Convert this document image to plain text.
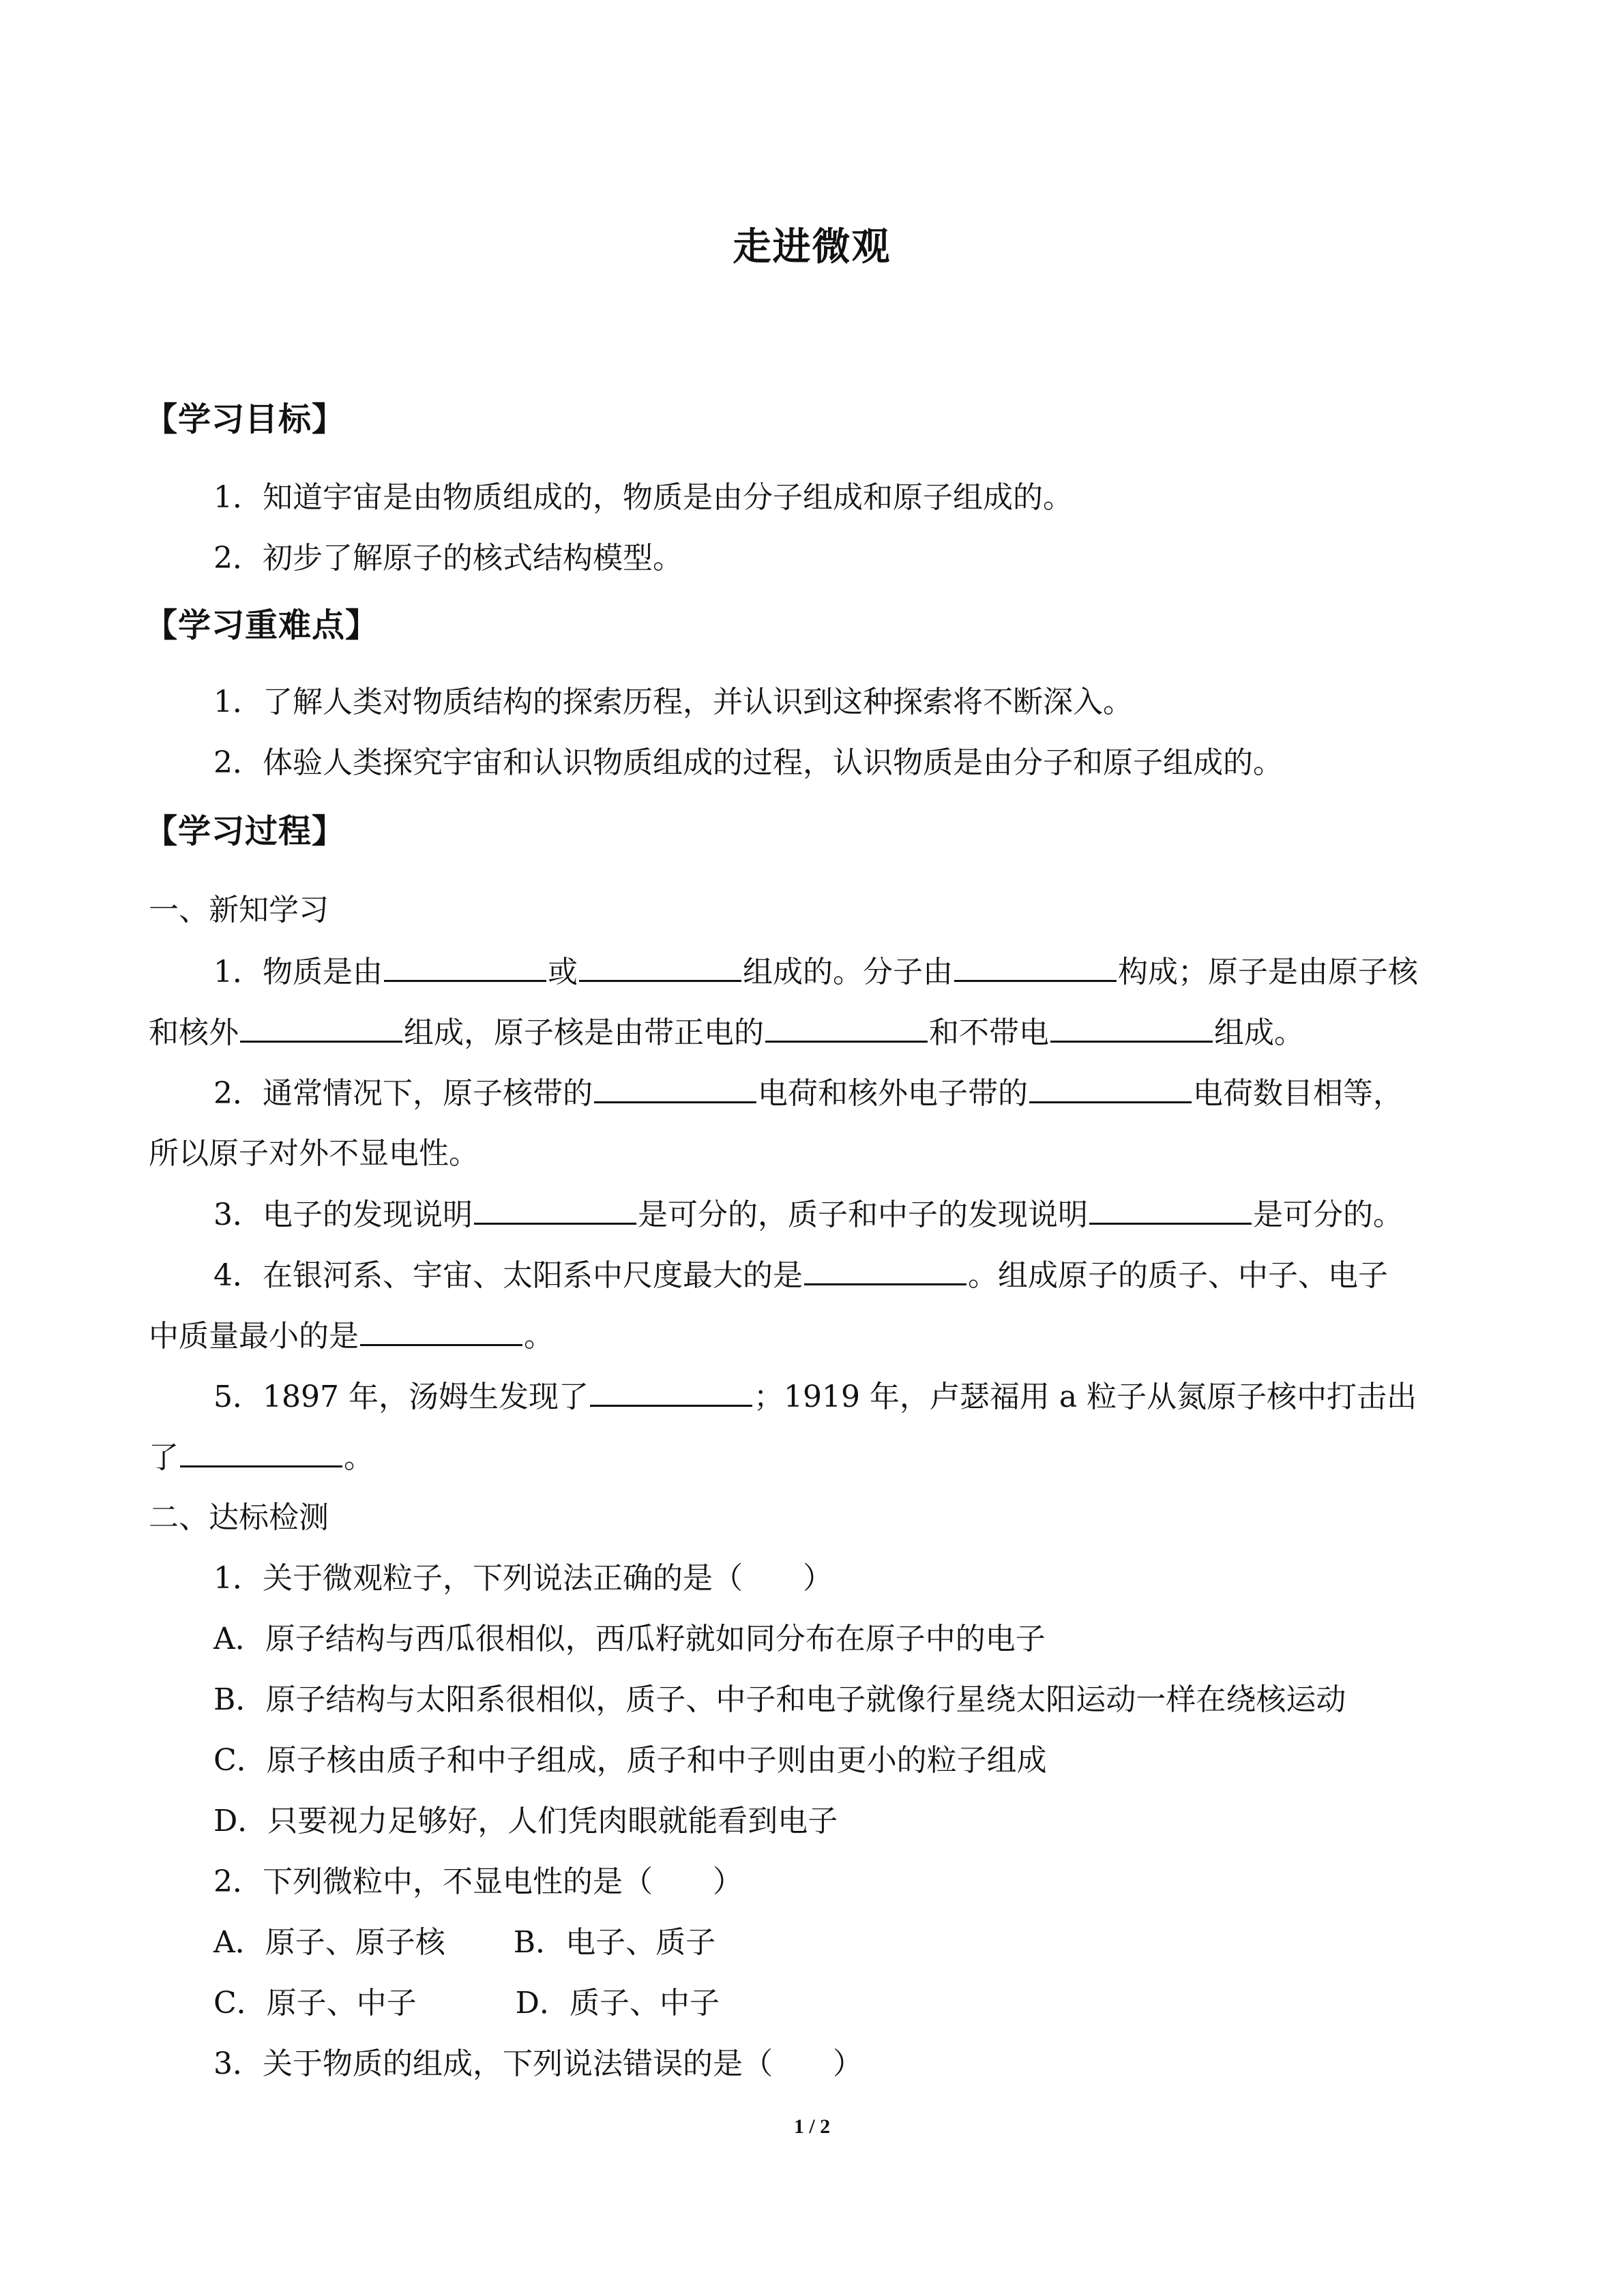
走进微观
【学习目标】
1．知道宇宙是由物质组成的，物质是由分子组成和原子组成的。
2．初步了解原子的核式结构模型。
【学习重难点】
1．了解人类对物质结构的探索历程，并认识到这种探索将不断深入。
2．体验人类探究宇宙和认识物质组成的过程，认识物质是由分子和原子组成的。
【学习过程】
一、新知学习
1．物质是由	或	组成的。分子由	构成；原子是由原子核
和核外	组成，原子核是由带正电的	和不带电	组成。
2．通常情况下，原子核带的	电荷和核外电子带的	电荷数目相等，
所以原子对外不显电性。
3．电子的发现说明	是可分的，质子和中子的发现说明	是可分的。
4．在银河系、宇宙、太阳系中尺度最大的是	。组成原子的质子、中子、电子
中质量最小的是	。
5．1897 年，汤姆生发现了	；1919 年，卢瑟福用 a 粒子从氮原子核中打击出
了	。
二、达标检测
1．关于微观粒子，下列说法正确的是（　　）
A．原子结构与西瓜很相似，西瓜籽就如同分布在原子中的电子
B．原子结构与太阳系很相似，质子、中子和电子就像行星绕太阳运动一样在绕核运动
C．原子核由质子和中子组成，质子和中子则由更小的粒子组成
D．只要视力足够好，人们凭肉眼就能看到电子
2．下列微粒中，不显电性的是（　　）
A．原子、原子核 B．电子、质子
C．原子、中子	D．质子、中子
3．关于物质的组成，下列说法错误的是（　　）
1 / 2
